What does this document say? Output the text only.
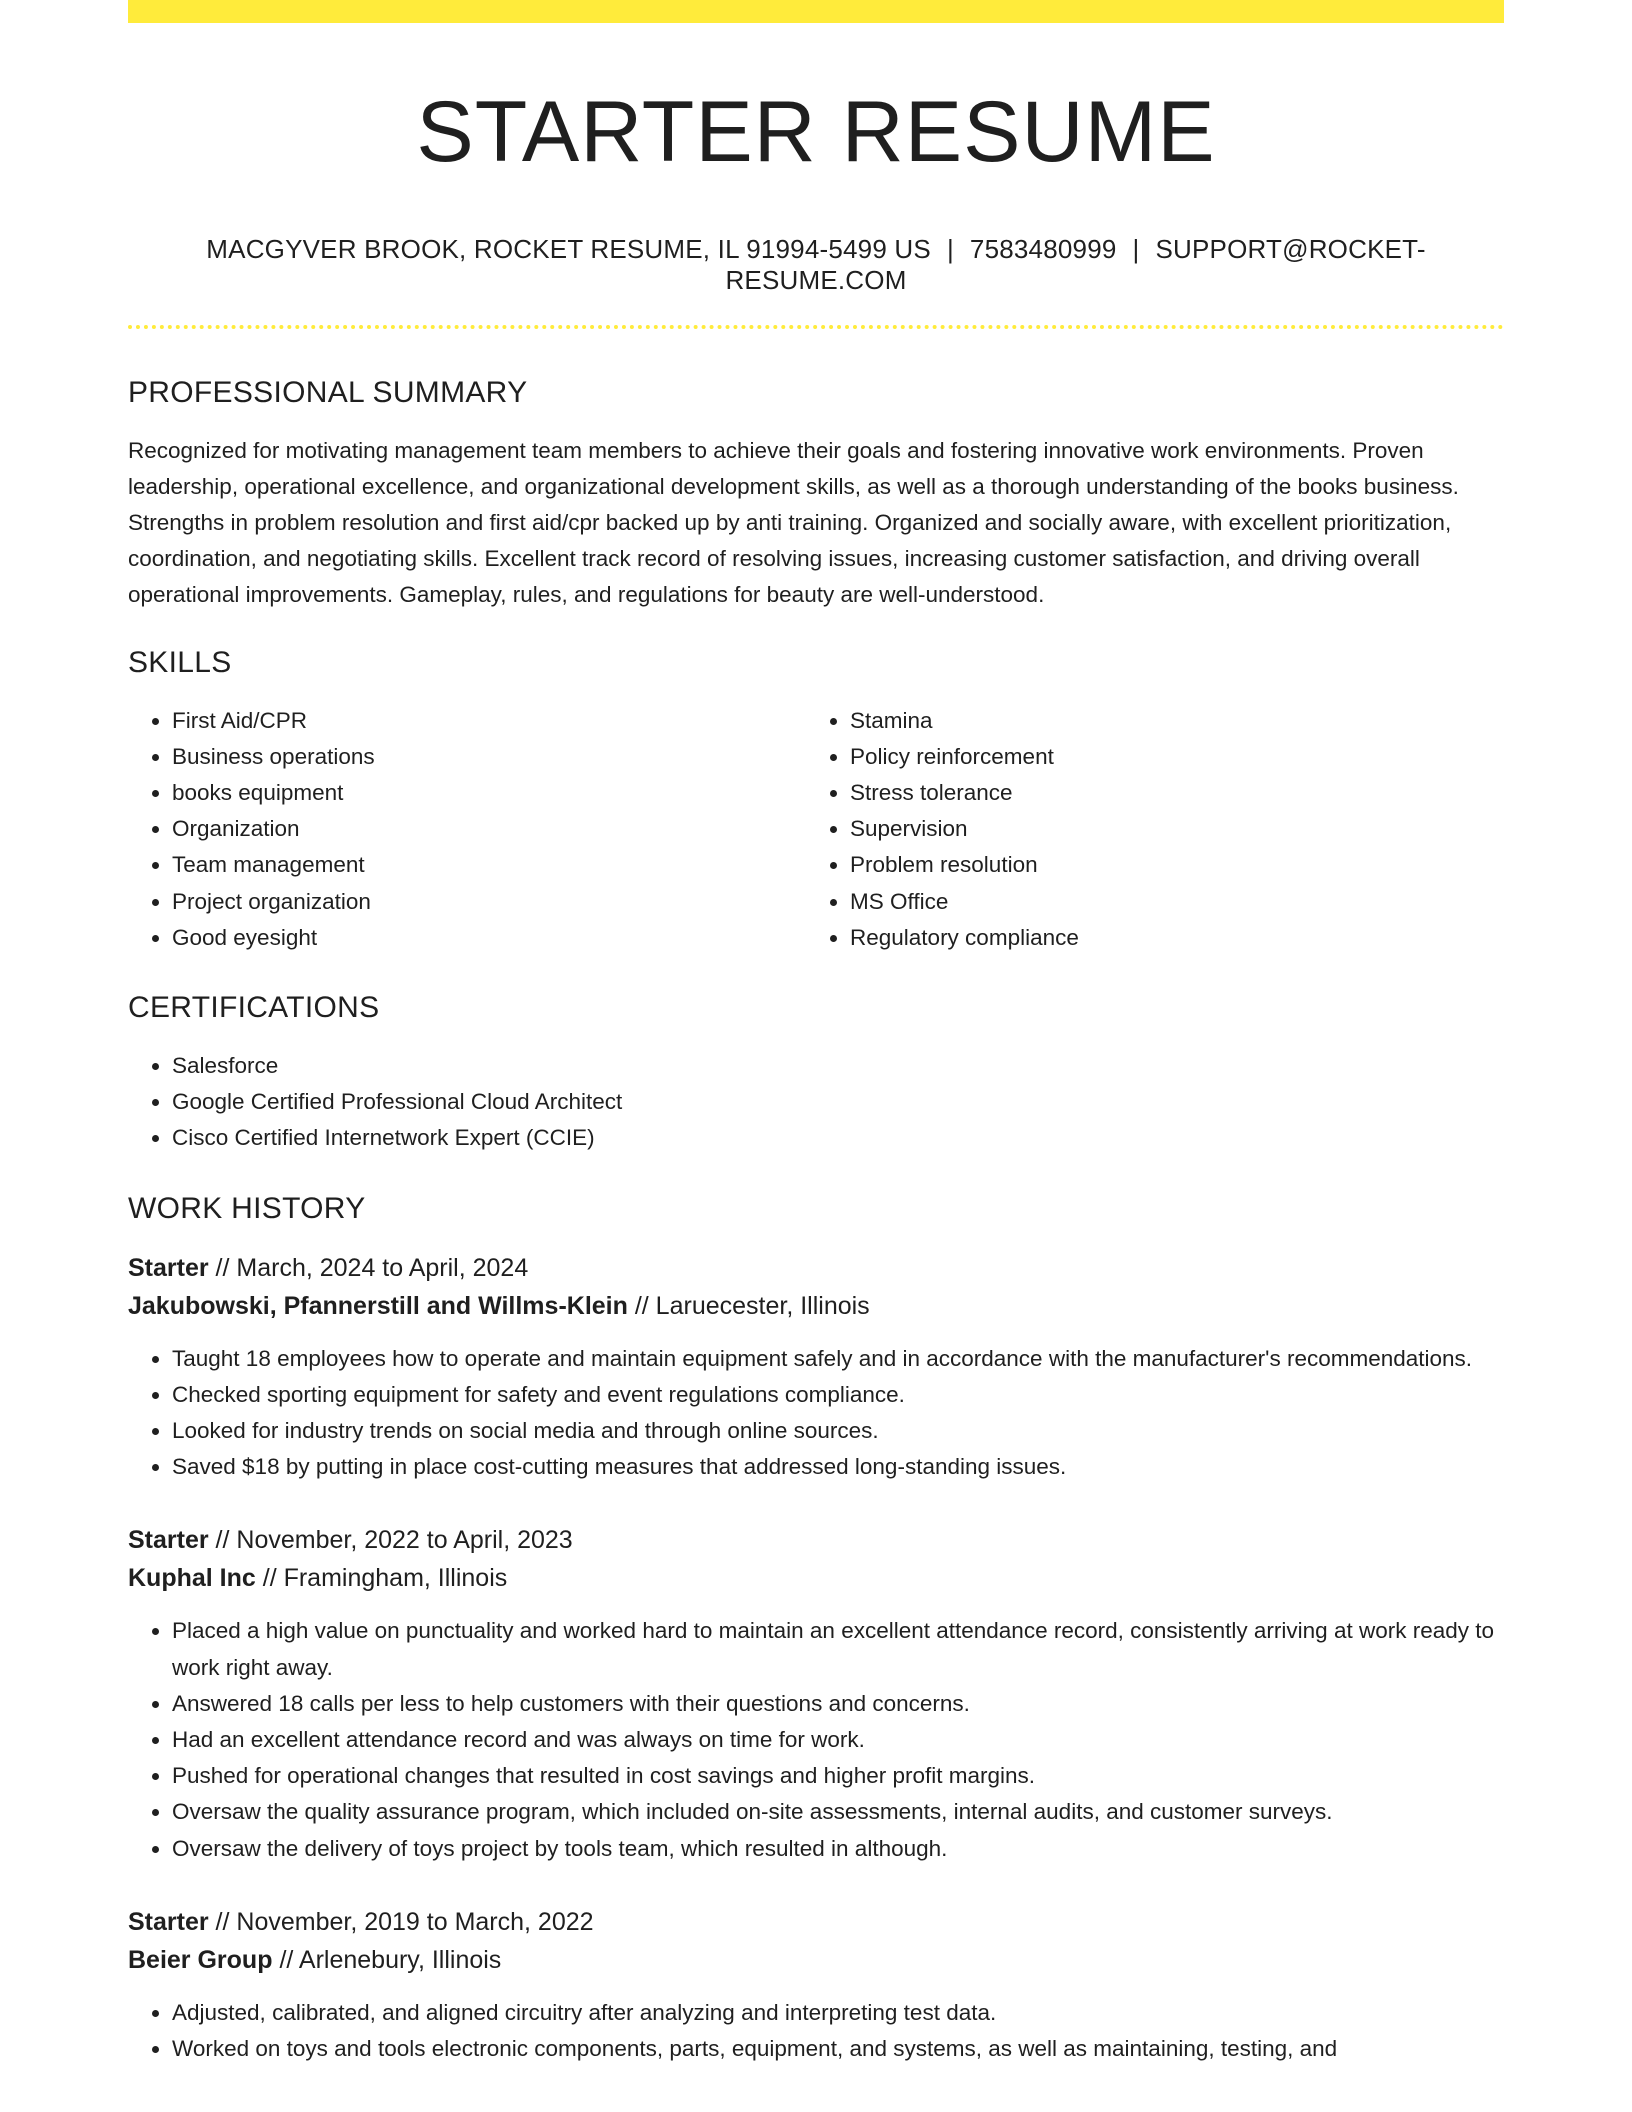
STARTER RESUME
MACGYVER BROOK, ROCKET RESUME, IL 91994-5499 US | 7583480999 | SUPPORT@ROCKET-RESUME.COM
PROFESSIONAL SUMMARY
Recognized for motivating management team members to achieve their goals and fostering innovative work environments. Proven leadership, operational excellence, and organizational development skills, as well as a thorough understanding of the books business. Strengths in problem resolution and first aid/cpr backed up by anti training. Organized and socially aware, with excellent prioritization, coordination, and negotiating skills. Excellent track record of resolving issues, increasing customer satisfaction, and driving overall operational improvements. Gameplay, rules, and regulations for beauty are well-understood.
SKILLS
• First Aid/CPR
• Business operations
• books equipment
• Organization
• Team management
• Project organization
• Good eyesight
• Stamina
• Policy reinforcement
• Stress tolerance
• Supervision
• Problem resolution
• MS Office
• Regulatory compliance
CERTIFICATIONS
• Salesforce
• Google Certified Professional Cloud Architect
• Cisco Certified Internetwork Expert (CCIE)
WORK HISTORY
Starter // March, 2024 to April, 2024
Jakubowski, Pfannerstill and Willms-Klein // Laruecester, Illinois
• Taught 18 employees how to operate and maintain equipment safely and in accordance with the manufacturer's recommendations.
• Checked sporting equipment for safety and event regulations compliance.
• Looked for industry trends on social media and through online sources.
• Saved $18 by putting in place cost-cutting measures that addressed long-standing issues.
Starter // November, 2022 to April, 2023
Kuphal Inc // Framingham, Illinois
• Placed a high value on punctuality and worked hard to maintain an excellent attendance record, consistently arriving at work ready to work right away.
• Answered 18 calls per less to help customers with their questions and concerns.
• Had an excellent attendance record and was always on time for work.
• Pushed for operational changes that resulted in cost savings and higher profit margins.
• Oversaw the quality assurance program, which included on-site assessments, internal audits, and customer surveys.
• Oversaw the delivery of toys project by tools team, which resulted in although.
Starter // November, 2019 to March, 2022
Beier Group // Arlenebury, Illinois
• Adjusted, calibrated, and aligned circuitry after analyzing and interpreting test data.
• Worked on toys and tools electronic components, parts, equipment, and systems, as well as maintaining, testing, and
